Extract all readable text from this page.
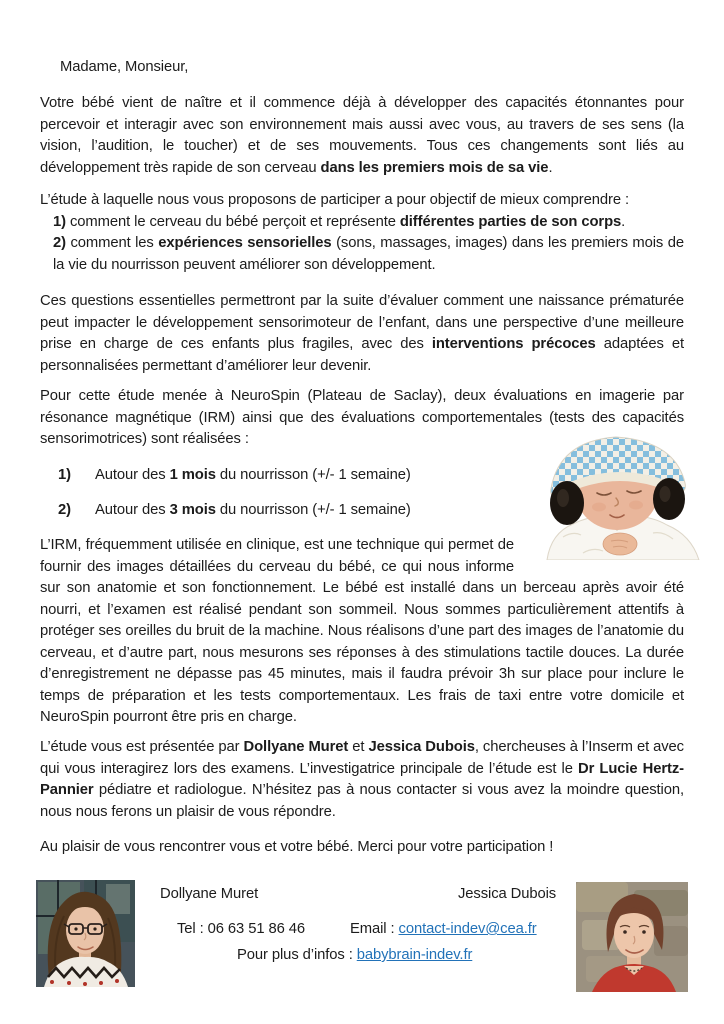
Madame, Monsieur,
Votre bébé vient de naître et il commence déjà à développer des capacités étonnantes pour percevoir et interagir avec son environnement mais aussi avec vous, au travers de ses sens (la vision, l’audition, le toucher) et de ses mouvements. Tous ces changements sont liés au développement très rapide de son cerveau dans les premiers mois de sa vie.
L’étude à laquelle nous vous proposons de participer a pour objectif de mieux comprendre :
1) comment le cerveau du bébé perçoit et représente différentes parties de son corps.
2) comment les expériences sensorielles (sons, massages, images) dans les premiers mois de la vie du nourrisson peuvent améliorer son développement.
Ces questions essentielles permettront par la suite d’évaluer comment une naissance prématurée peut impacter le développement sensorimoteur de l’enfant, dans une perspective d’une meilleure prise en charge de ces enfants plus fragiles, avec des interventions précoces adaptées et personnalisées permettant d’améliorer leur devenir.
Pour cette étude menée à NeuroSpin (Plateau de Saclay), deux évaluations en imagerie par résonance magnétique (IRM) ainsi que des évaluations comportementales (tests des capacités sensorimotrices) sont réalisées :
1) Autour des 1 mois du nourrisson (+/- 1 semaine)
2) Autour des 3 mois du nourrisson (+/- 1 semaine)
L’IRM, fréquemment utilisée en clinique, est une technique qui permet de fournir des images détaillées du cerveau du bébé, ce qui nous informe sur son anatomie et son fonctionnement. Le bébé est installé dans un berceau après avoir été nourri, et l’examen est réalisé pendant son sommeil. Nous sommes particulièrement attentifs à protéger ses oreilles du bruit de la machine. Nous réalisons d’une part des images de l’anatomie du cerveau, et d’autre part, nous mesurons ses réponses à des stimulations tactile douces. La durée d’enregistrement ne dépasse pas 45 minutes, mais il faudra prévoir 3h sur place pour inclure le temps de préparation et les tests comportementaux. Les frais de taxi entre votre domicile et NeuroSpin pourront être pris en charge.
L’étude vous est présentée par Dollyane Muret et Jessica Dubois, chercheuses à l’Inserm et avec qui vous interagirez lors des examens. L’investigatrice principale de l’étude est le Dr Lucie Hertz-Pannier pédiatre et radiologue. N’hésitez pas à nous contacter si vous avez la moindre question, nous nous ferons un plaisir de vous répondre.
Au plaisir de vous rencontrer vous et votre bébé. Merci pour votre participation !
Dollyane Muret	Jessica Dubois
Tel : 06 63 51 86 46	Email : contact-indev@cea.fr
Pour plus d’infos : babybrain-indev.fr
